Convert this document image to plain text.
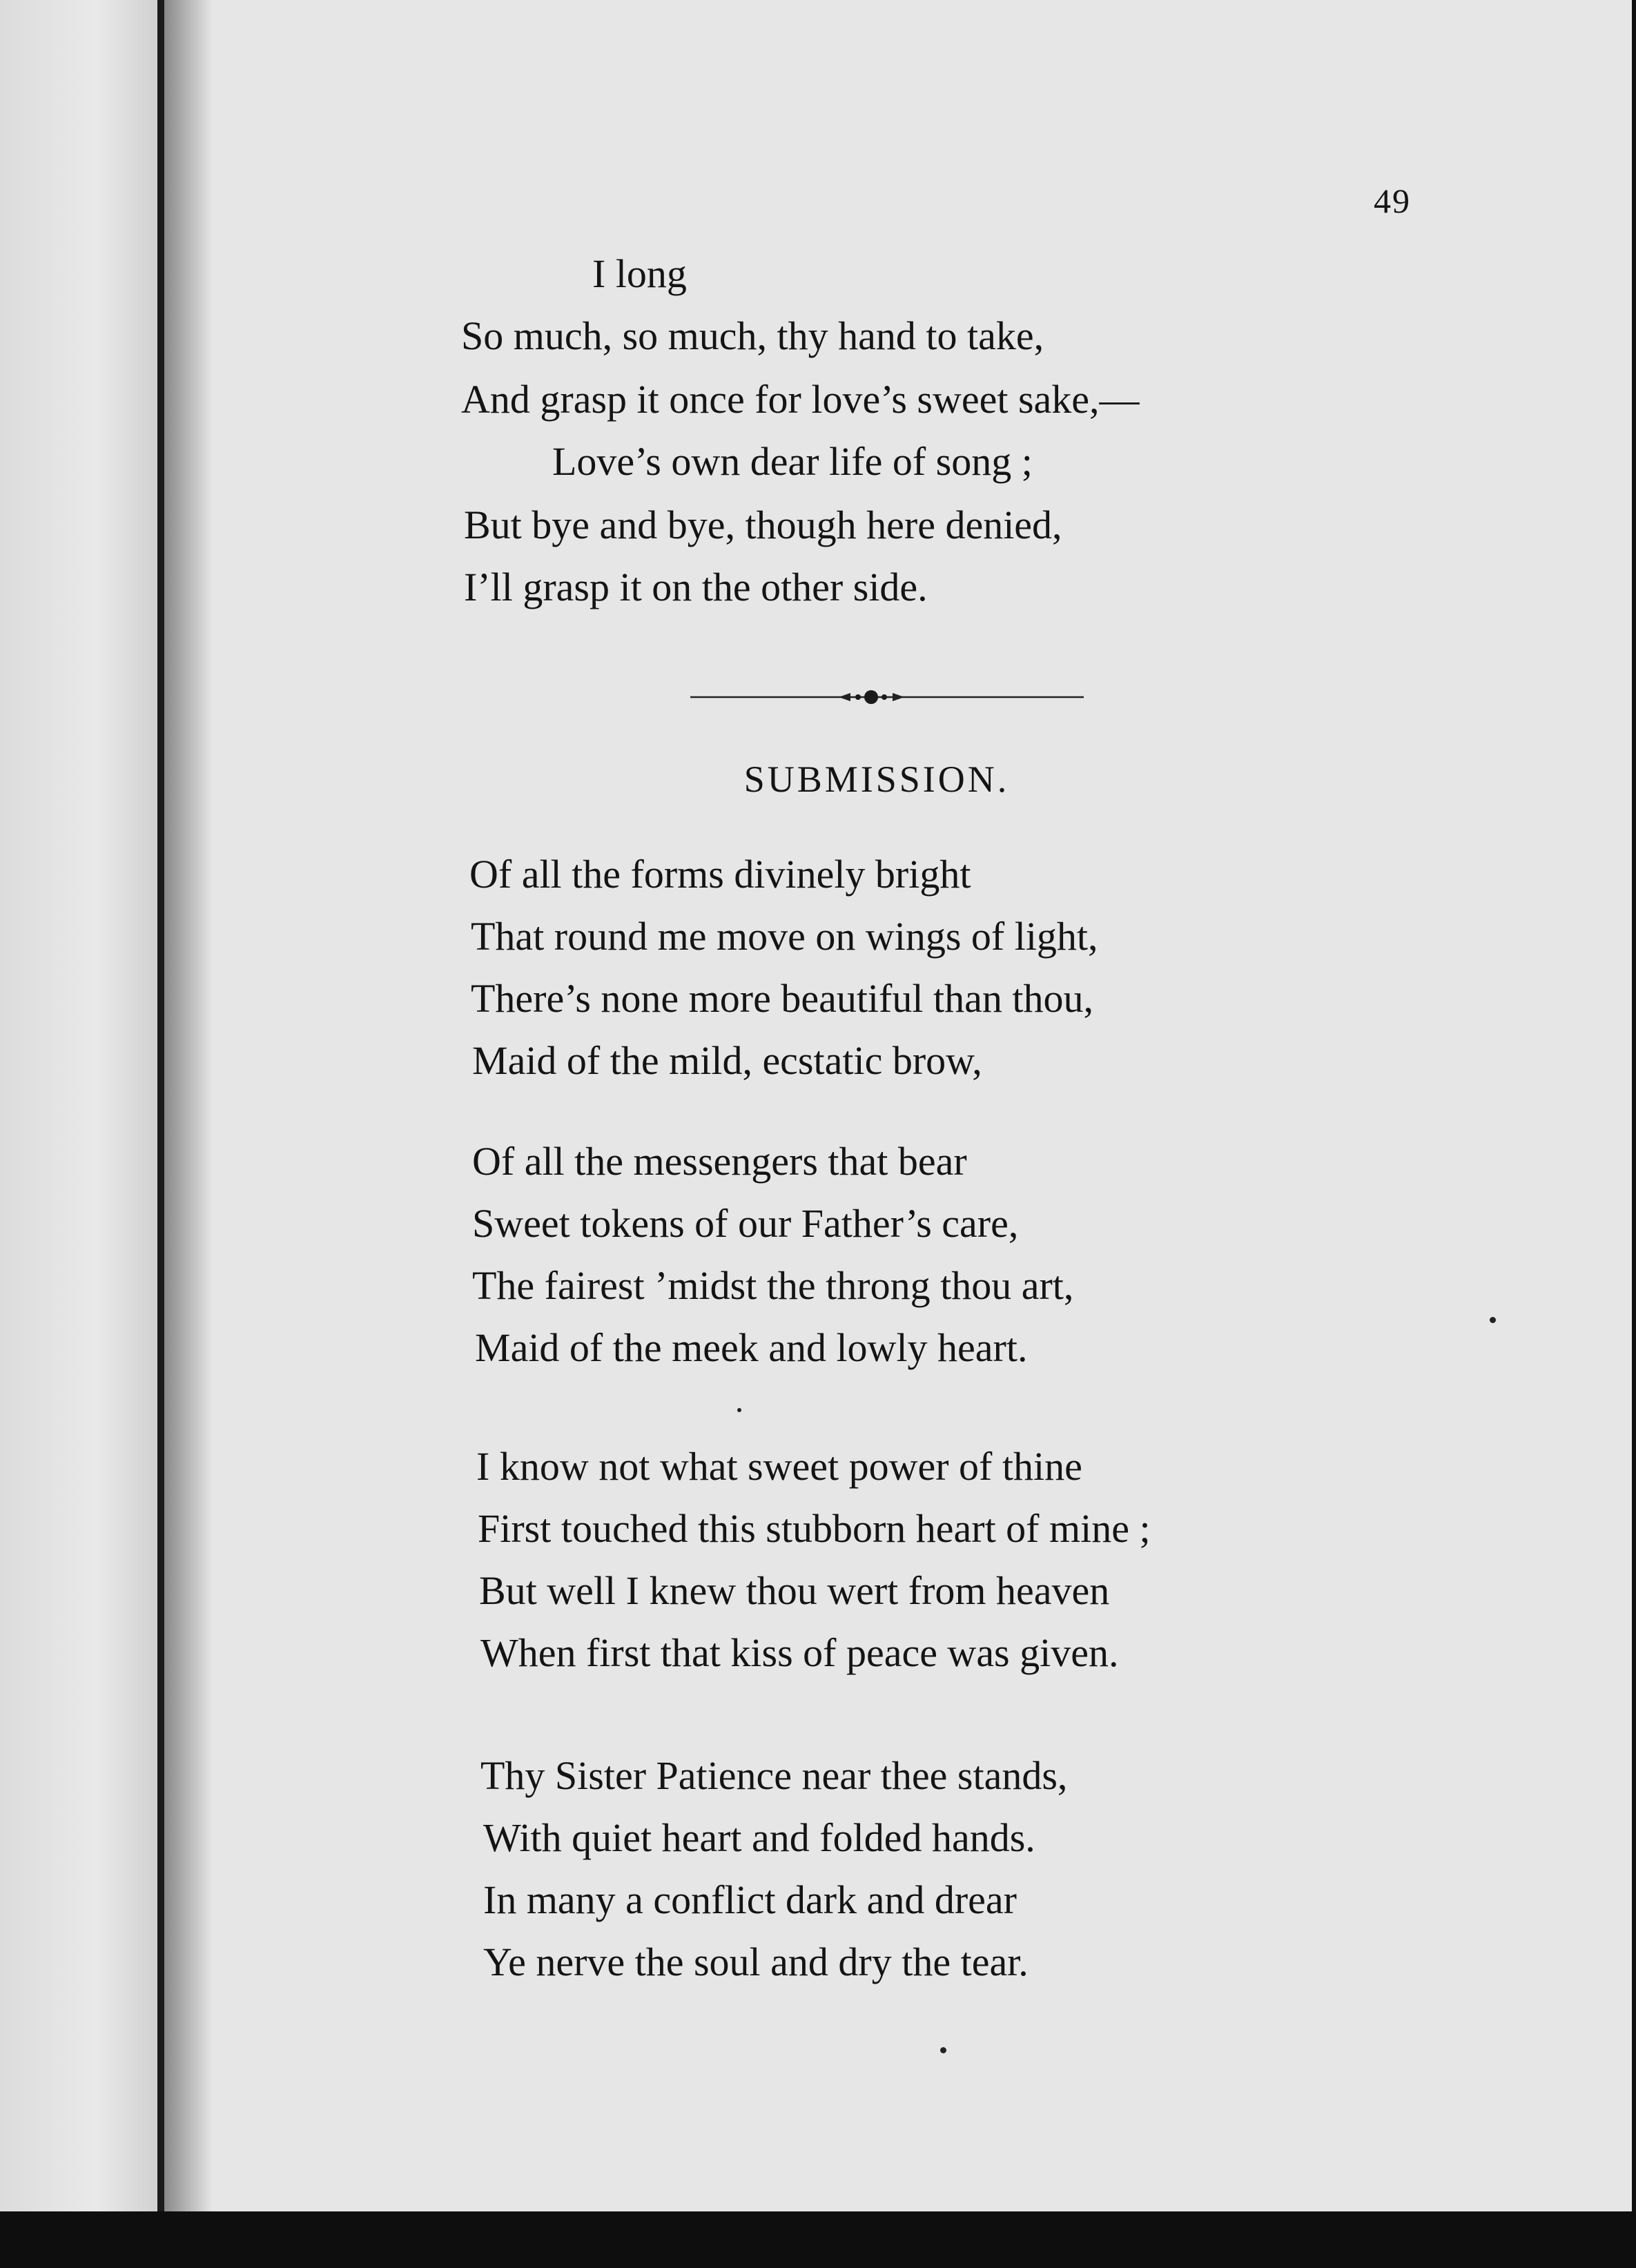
49
I long
So much, so much, thy hand to take,
And grasp it once for love’s sweet sake,—
Love’s own dear life of song ;
But bye and bye, though here denied,
I’ll grasp it on the other side.
SUBMISSION.
Of all the forms divinely bright
That round me move on wings of light,
There’s none more beautiful than thou,
Maid of the mild, ecstatic brow,
Of all the messengers that bear
Sweet tokens of our Father’s care,
The fairest ’midst the throng thou art,
Maid of the meek and lowly heart.
I know not what sweet power of thine
First touched this stubborn heart of mine ;
But well I knew thou wert from heaven
When first that kiss of peace was given.
Thy Sister Patience near thee stands,
With quiet heart and folded hands.
In many a conflict dark and drear
Ye nerve the soul and dry the tear.
